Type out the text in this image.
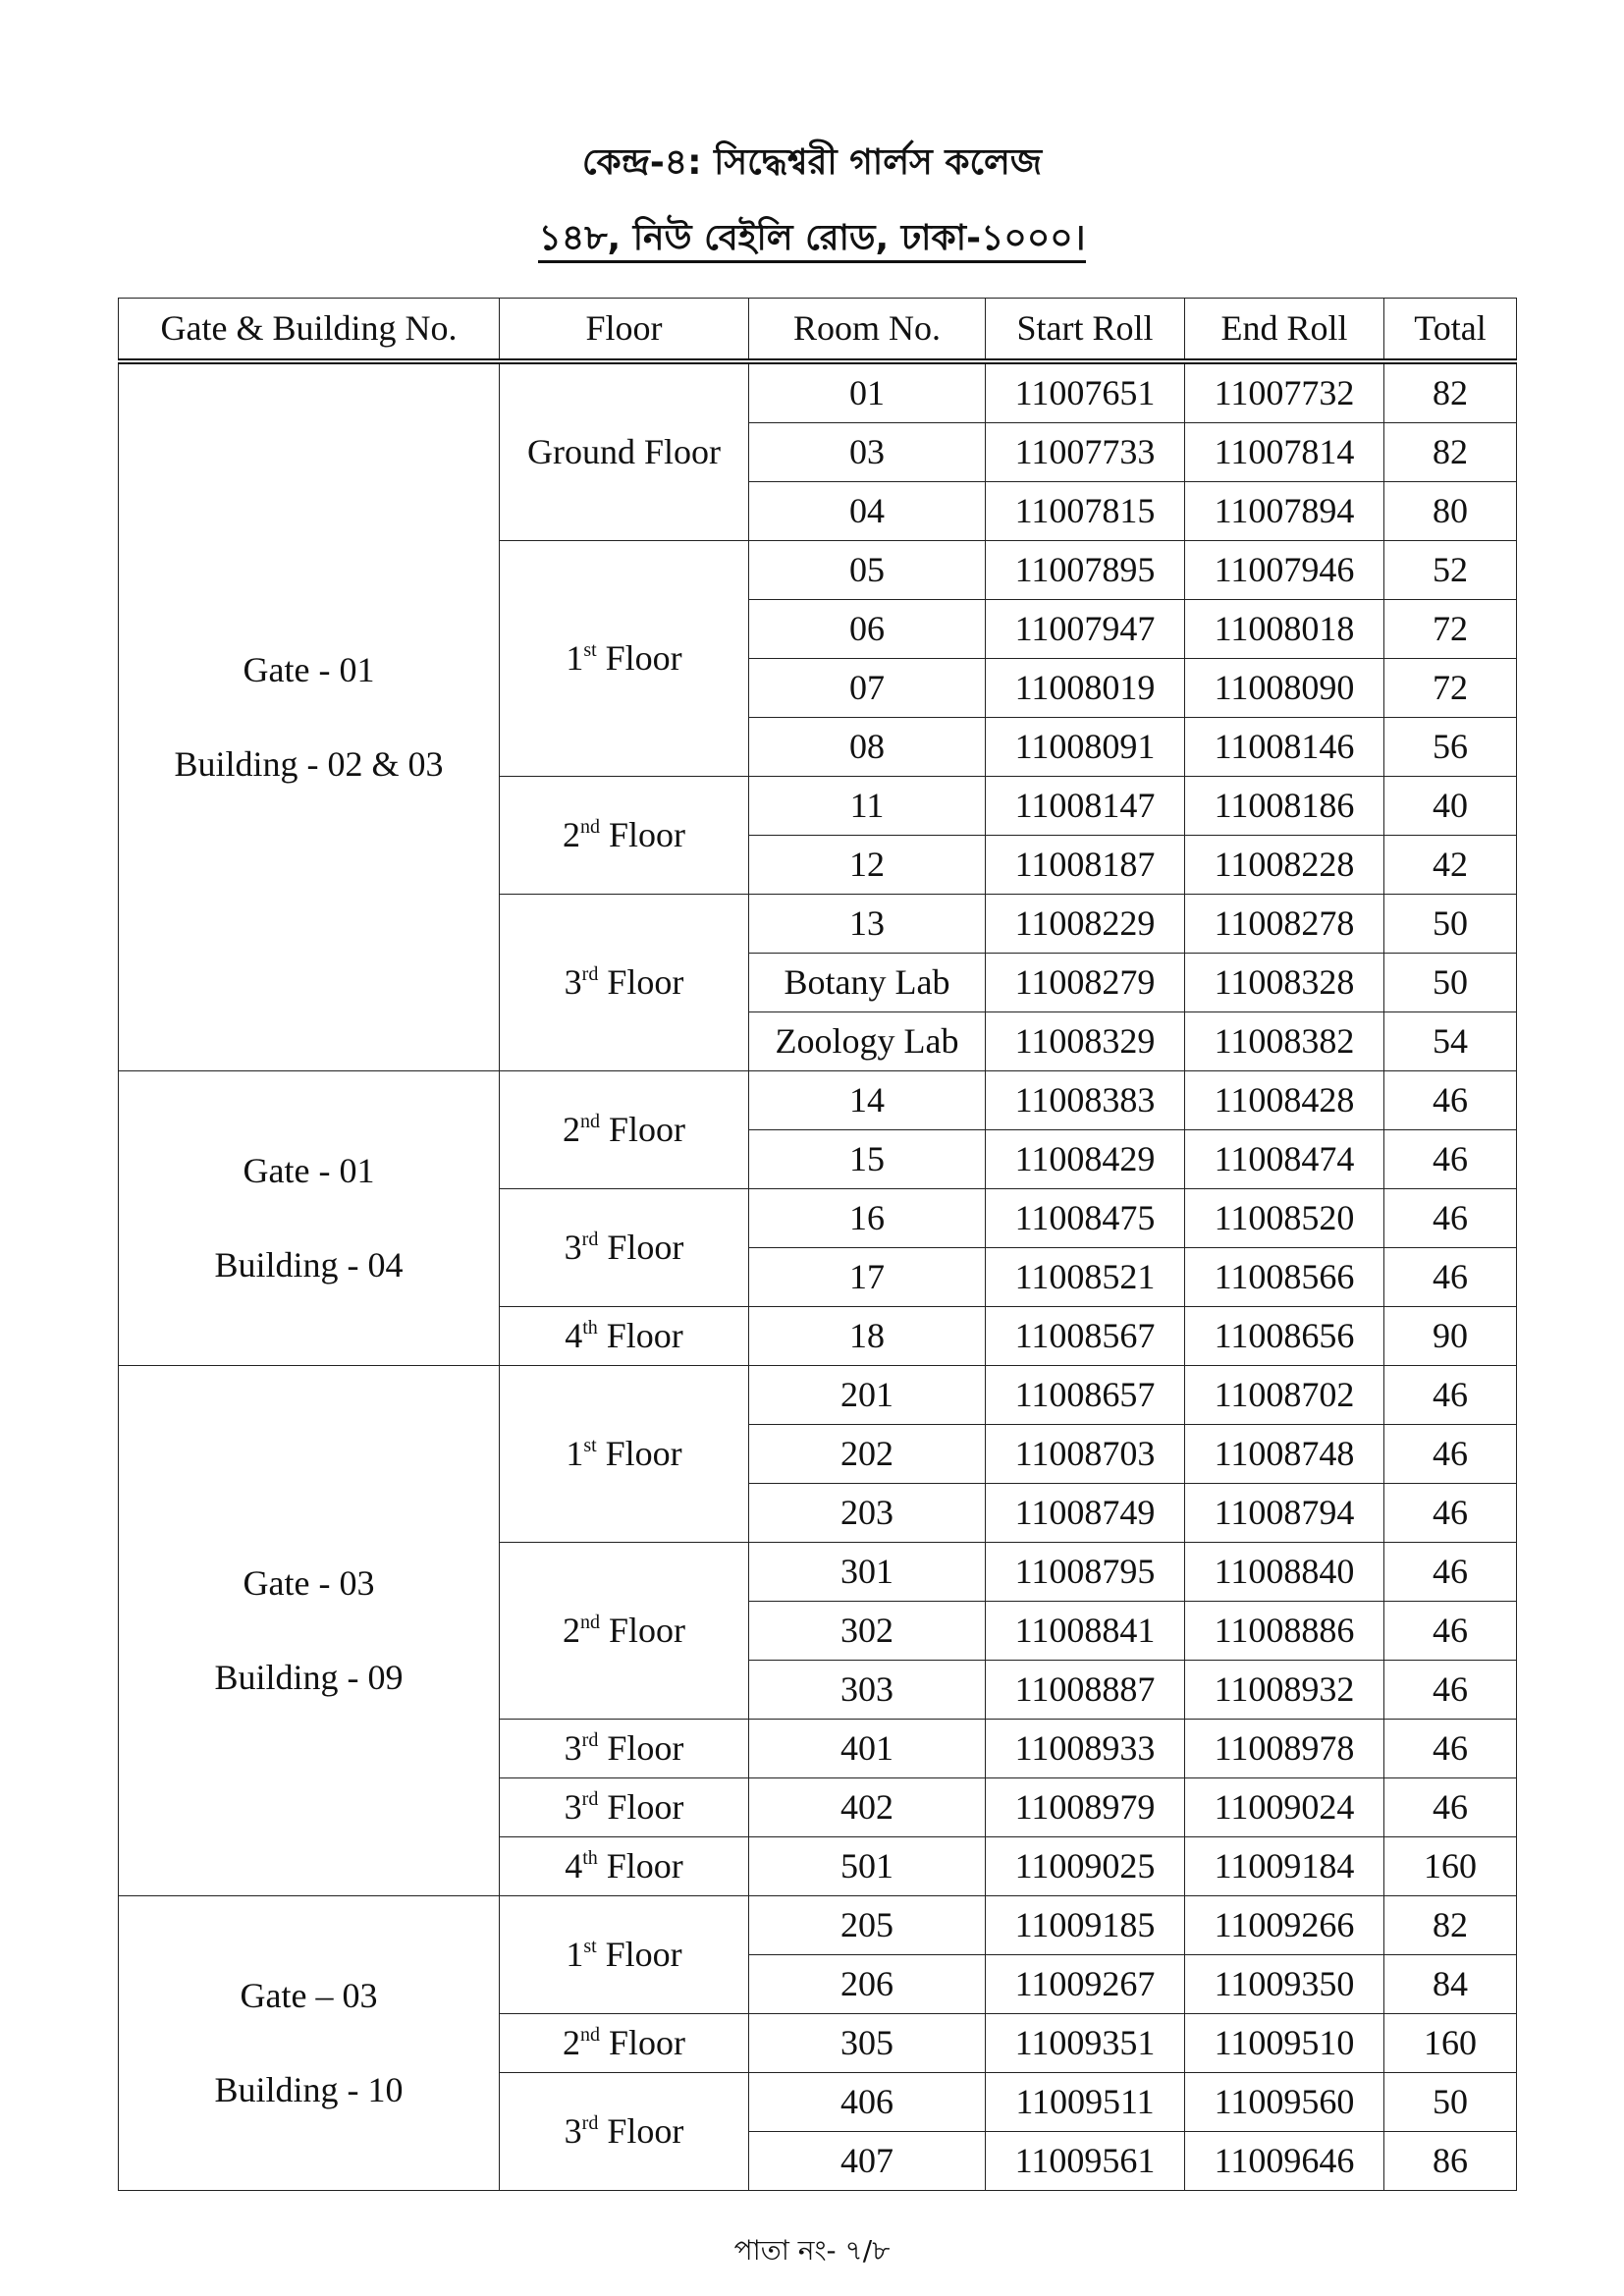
কেন্দ্র-৪: সিদ্ধেশ্বরী গার্লস কলেজ
১৪৮, নিউ বেইলি রোড, ঢাকা-১০০০।
Gate & Building No.	Floor	Room No.	Start Roll	End Roll	Total
Gate - 01
Building - 02 & 03	Ground Floor	01	11007651	11007732	82
		03	11007733	11007814	82
		04	11007815	11007894	80
	1st Floor	05	11007895	11007946	52
		06	11007947	11008018	72
		07	11008019	11008090	72
		08	11008091	11008146	56
	2nd Floor	11	11008147	11008186	40
		12	11008187	11008228	42
	3rd Floor	13	11008229	11008278	50
		Botany Lab	11008279	11008328	50
		Zoology Lab	11008329	11008382	54
Gate - 01
Building - 04	2nd Floor	14	11008383	11008428	46
		15	11008429	11008474	46
	3rd Floor	16	11008475	11008520	46
		17	11008521	11008566	46
	4th Floor	18	11008567	11008656	90
Gate - 03
Building - 09	1st Floor	201	11008657	11008702	46
		202	11008703	11008748	46
		203	11008749	11008794	46
	2nd Floor	301	11008795	11008840	46
		302	11008841	11008886	46
		303	11008887	11008932	46
	3rd Floor	401	11008933	11008978	46
	3rd Floor	402	11008979	11009024	46
	4th Floor	501	11009025	11009184	160
Gate – 03
Building - 10	1st Floor	205	11009185	11009266	82
		206	11009267	11009350	84
	2nd Floor	305	11009351	11009510	160
	3rd Floor	406	11009511	11009560	50
		407	11009561	11009646	86
পাতা নং- ৭/৮
